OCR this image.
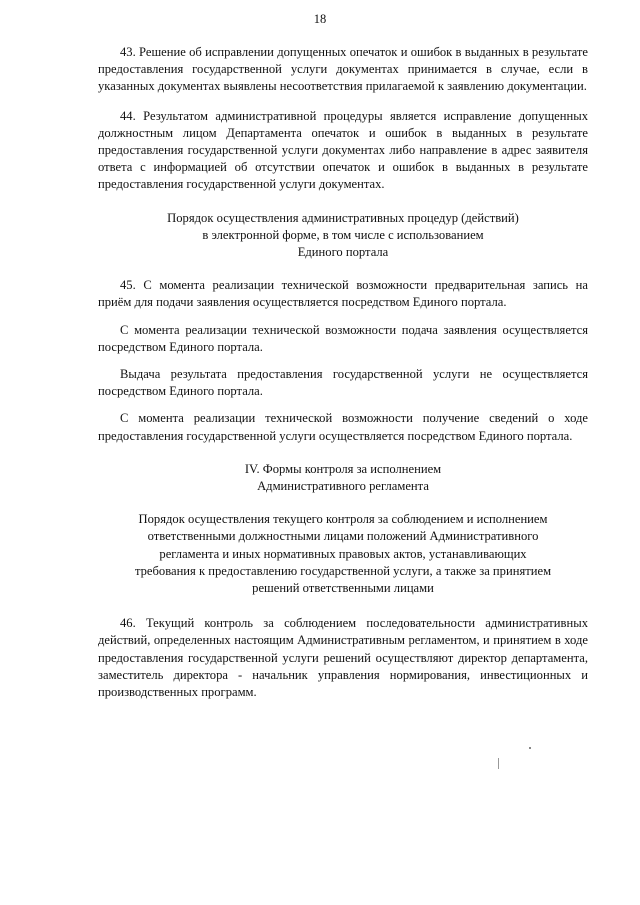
18

43. Решение об исправлении допущенных опечаток и ошибок в выданных в результате предоставления государственной услуги документах принимается в случае, если в указанных документах выявлены несоответствия прилагаемой к заявлению документации.

44. Результатом административной процедуры является исправление допущенных должностным лицом Департамента опечаток и ошибок в выданных в результате предоставления государственной услуги документах либо направление в адрес заявителя ответа с информацией об отсутствии опечаток и ошибок в выданных в результате предоставления государственной услуги документах.

Порядок осуществления административных процедур (действий)
в электронной форме, в том числе с использованием
Единого портала

45. С момента реализации технической возможности предварительная запись на приём для подачи заявления осуществляется посредством Единого портала.

С момента реализации технической возможности подача заявления осуществляется посредством Единого портала.

Выдача результата предоставления государственной услуги не осуществляется посредством Единого портала.

С момента реализации технической возможности получение сведений о ходе предоставления государственной услуги осуществляется посредством Единого портала.

IV. Формы контроля за исполнением
Административного регламента
Порядок осуществления текущего контроля за соблюдением и исполнением
ответственными должностными лицами положений Административного
регламента и иных нормативных правовых актов, устанавливающих
требования к предоставлению государственной услуги, а также за принятием
решений ответственными лицами

46. Текущий контроль за соблюдением последовательности административных действий, определенных настоящим Административным регламентом, и принятием в ходе предоставления государственной услуги решений осуществляют директор департамента, заместитель директора - начальник управления нормирования, инвестиционных и производственных программ.
